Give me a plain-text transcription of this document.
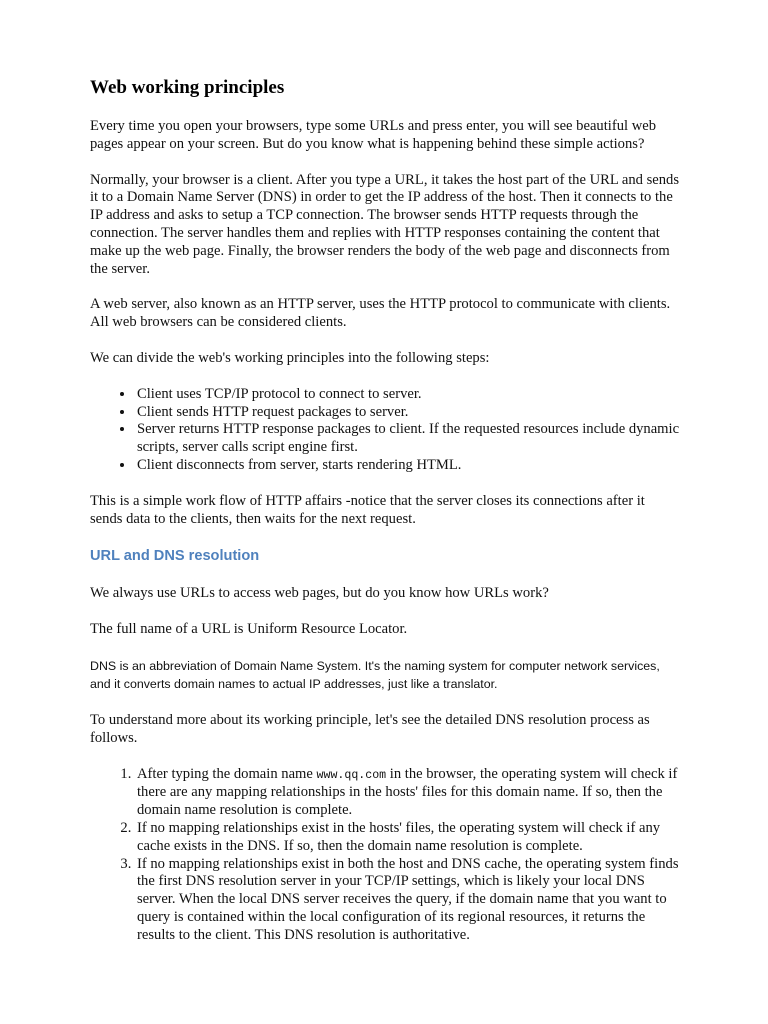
Web working principles

Every time you open your browsers, type some URLs and press enter, you will see beautiful web pages appear on your screen. But do you know what is happening behind these simple actions?

Normally, your browser is a client. After you type a URL, it takes the host part of the URL and sends it to a Domain Name Server (DNS) in order to get the IP address of the host. Then it connects to the IP address and asks to setup a TCP connection. The browser sends HTTP requests through the connection. The server handles them and replies with HTTP responses containing the content that make up the web page. Finally, the browser renders the body of the web page and disconnects from the server.

A web server, also known as an HTTP server, uses the HTTP protocol to communicate with clients. All web browsers can be considered clients.

We can divide the web's working principles into the following steps:

• Client uses TCP/IP protocol to connect to server.
• Client sends HTTP request packages to server.
• Server returns HTTP response packages to client. If the requested resources include dynamic scripts, server calls script engine first.
• Client disconnects from server, starts rendering HTML.

This is a simple work flow of HTTP affairs -notice that the server closes its connections after it sends data to the clients, then waits for the next request.

URL and DNS resolution

We always use URLs to access web pages, but do you know how URLs work?

The full name of a URL is Uniform Resource Locator.

DNS is an abbreviation of Domain Name System. It's the naming system for computer network services, and it converts domain names to actual IP addresses, just like a translator.

To understand more about its working principle, let's see the detailed DNS resolution process as follows.

1. After typing the domain name www.qq.com in the browser, the operating system will check if there are any mapping relationships in the hosts' files for this domain name. If so, then the domain name resolution is complete.
2. If no mapping relationships exist in the hosts' files, the operating system will check if any cache exists in the DNS. If so, then the domain name resolution is complete.
3. If no mapping relationships exist in both the host and DNS cache, the operating system finds the first DNS resolution server in your TCP/IP settings, which is likely your local DNS server. When the local DNS server receives the query, if the domain name that you want to query is contained within the local configuration of its regional resources, it returns the results to the client. This DNS resolution is authoritative.
